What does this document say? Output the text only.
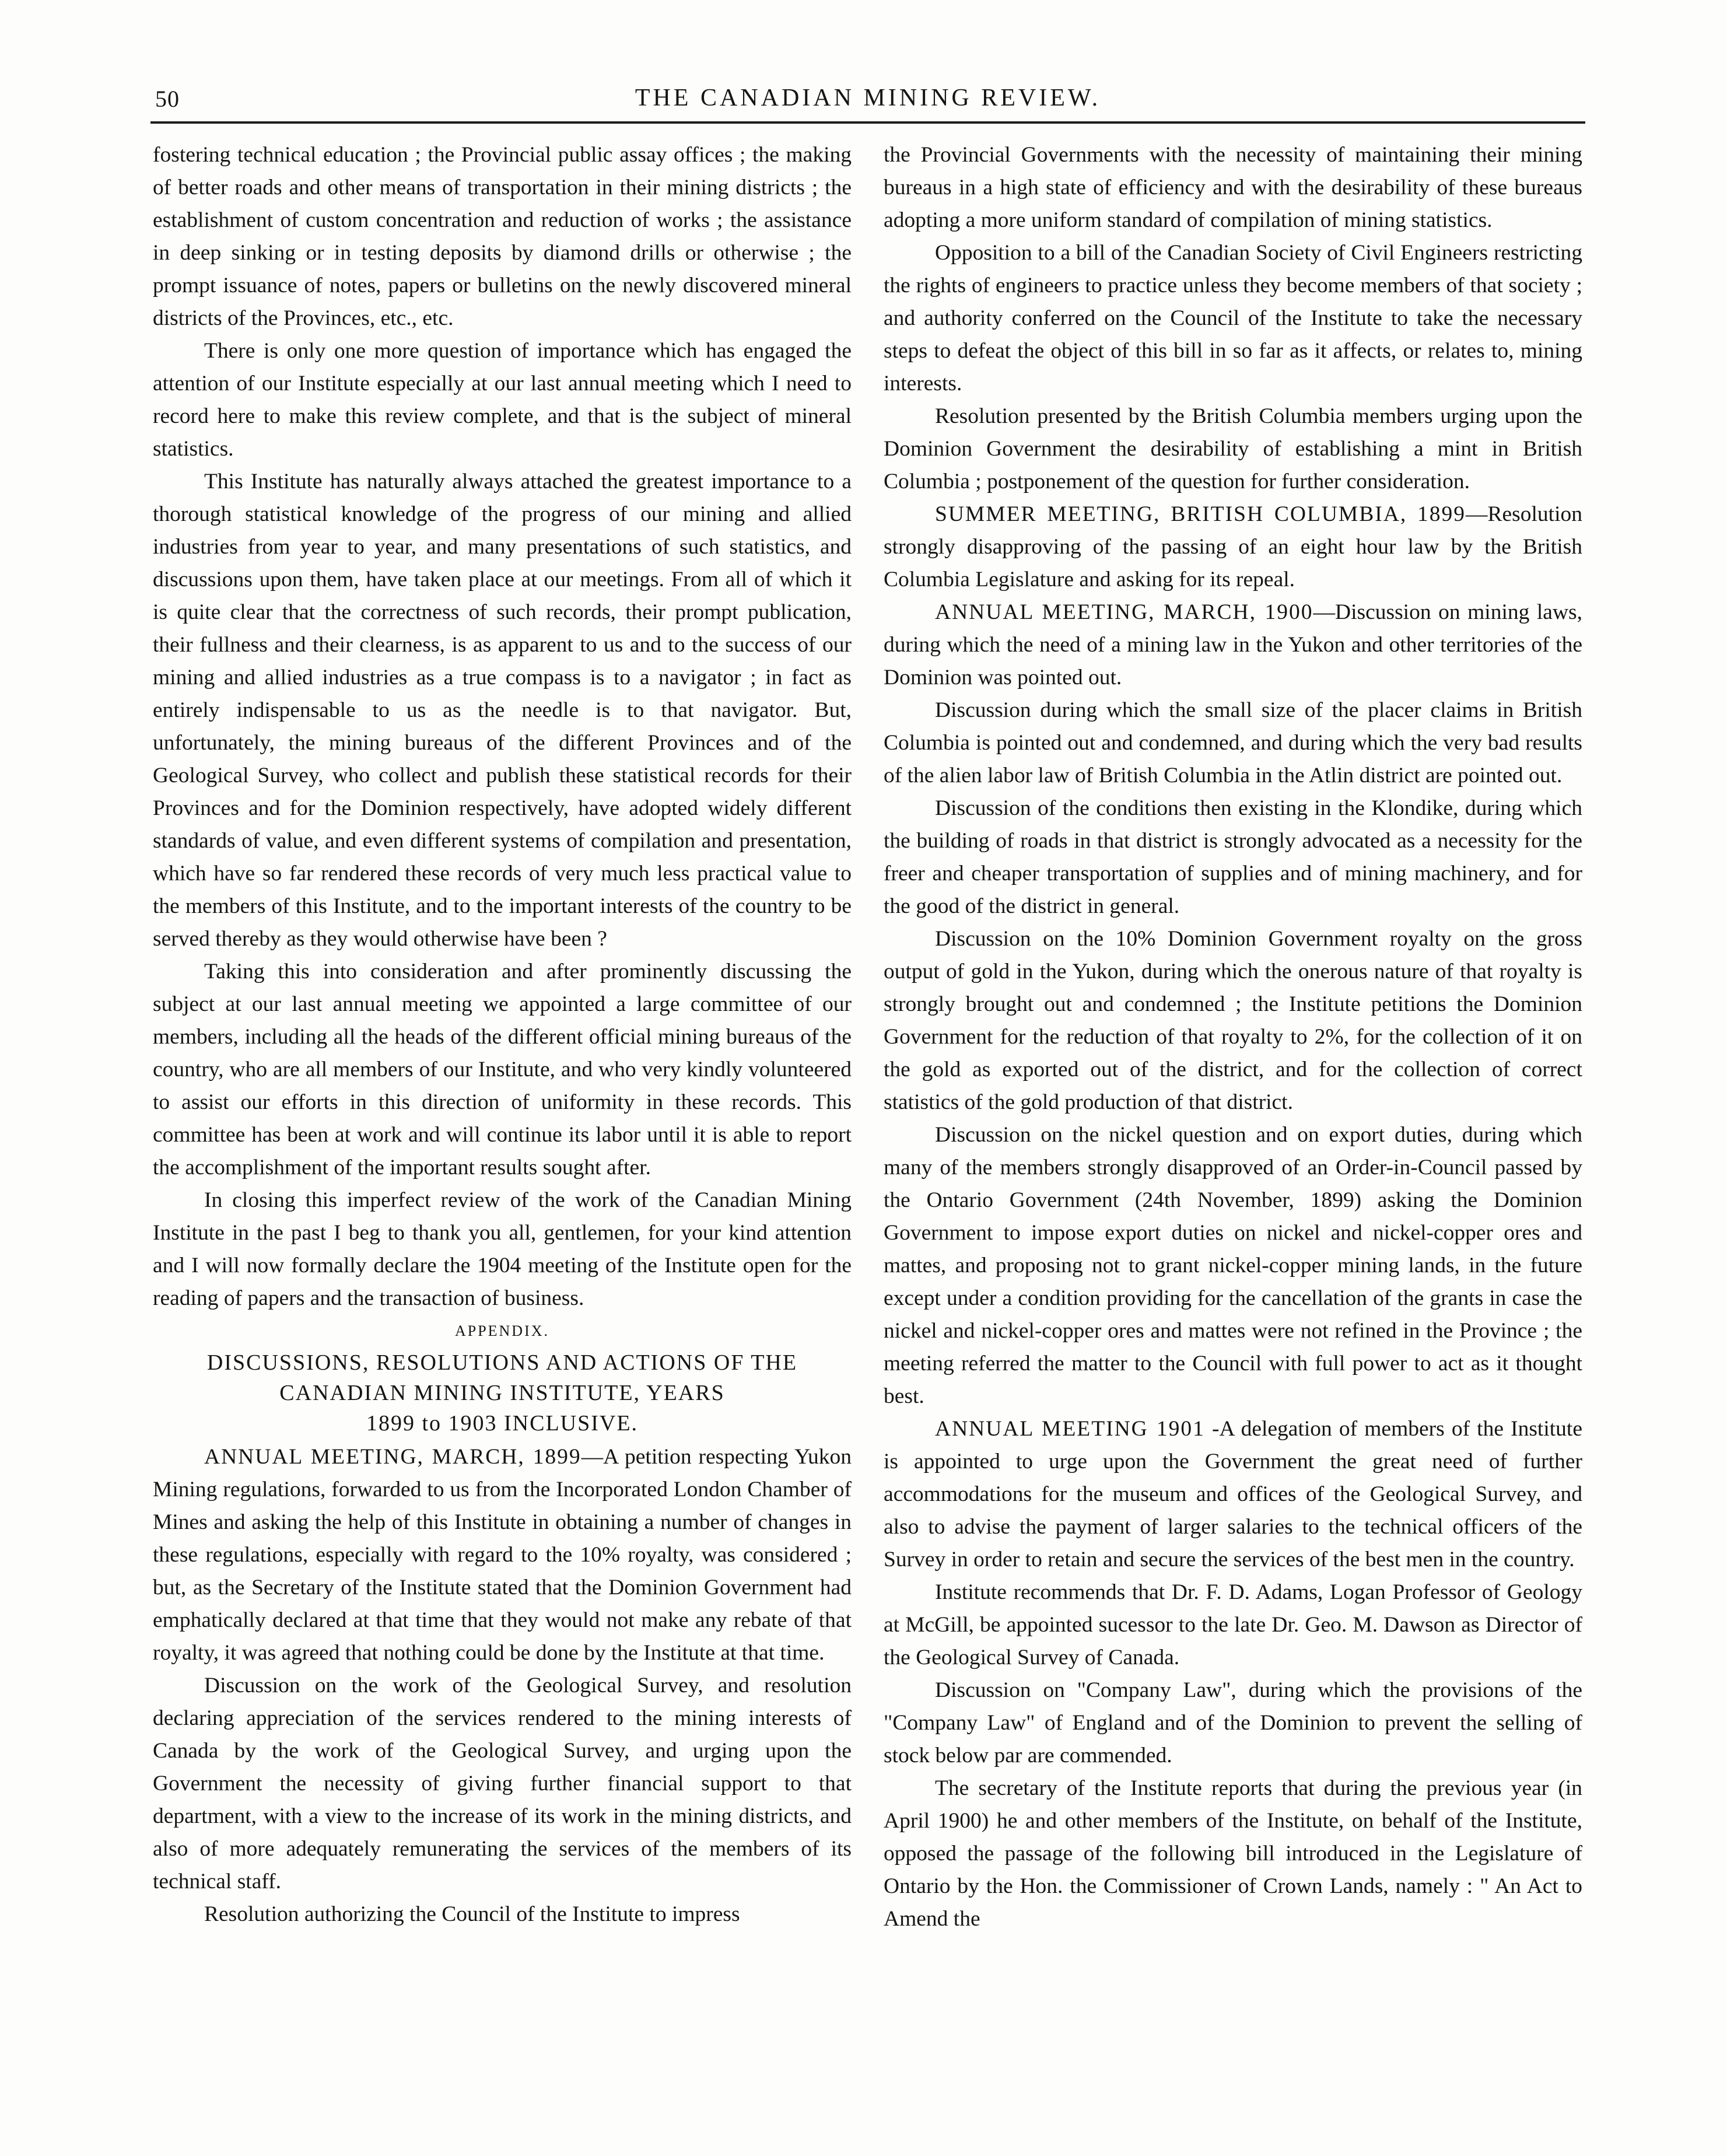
50	THE CANADIAN MINING REVIEW.

fostering technical education ; the Provincial public assay offices ; the making of better roads and other means of transportation in their mining districts ; the establishment of custom concentration and reduction of works ; the assistance in deep sinking or in testing deposits by diamond drills or otherwise ; the prompt issuance of notes, papers or bulletins on the newly discovered mineral districts of the Provinces, etc., etc.

There is only one more question of importance which has engaged the attention of our Institute especially at our last annual meeting which I need to record here to make this review complete, and that is the subject of mineral statistics.

This Institute has naturally always attached the greatest importance to a thorough statistical knowledge of the progress of our mining and allied industries from year to year, and many presentations of such statistics, and discussions upon them, have taken place at our meetings. From all of which it is quite clear that the correctness of such records, their prompt publication, their fullness and their clearness, is as apparent to us and to the success of our mining and allied industries as a true compass is to a navigator ; in fact as entirely indispensable to us as the needle is to that navigator. But, unfortunately, the mining bureaus of the different Provinces and of the Geological Survey, who collect and publish these statistical records for their Provinces and for the Dominion respectively, have adopted widely different standards of value, and even different systems of compilation and presentation, which have so far rendered these records of very much less practical value to the members of this Institute, and to the important interests of the country to be served thereby as they would otherwise have been ?

Taking this into consideration and after prominently discussing the subject at our last annual meeting we appointed a large committee of our members, including all the heads of the different official mining bureaus of the country, who are all members of our Institute, and who very kindly volunteered to assist our efforts in this direction of uniformity in these records. This committee has been at work and will continue its labor until it is able to report the accomplishment of the important results sought after.

In closing this imperfect review of the work of the Canadian Mining Institute in the past I beg to thank you all, gentlemen, for your kind attention and I will now formally declare the 1904 meeting of the Institute open for the reading of papers and the transaction of business.

APPENDIX.
DISCUSSIONS, RESOLUTIONS AND ACTIONS OF THE
CANADIAN MINING INSTITUTE, YEARS
1899 to 1903 INCLUSIVE.

ANNUAL MEETING, MARCH, 1899—A petition respecting Yukon Mining regulations, forwarded to us from the Incorporated London Chamber of Mines and asking the help of this Institute in obtaining a number of changes in these regulations, especially with regard to the 10% royalty, was considered ; but, as the Secretary of the Institute stated that the Dominion Government had emphatically declared at that time that they would not make any rebate of that royalty, it was agreed that nothing could be done by the Institute at that time.

Discussion on the work of the Geological Survey, and resolution declaring appreciation of the services rendered to the mining interests of Canada by the work of the Geological Survey, and urging upon the Government the necessity of giving further financial support to that department, with a view to the increase of its work in the mining districts, and also of more adequately remunerating the services of the members of its technical staff.

Resolution authorizing the Council of the Institute to impress

the Provincial Governments with the necessity of maintaining their mining bureaus in a high state of efficiency and with the desirability of these bureaus adopting a more uniform standard of compilation of mining statistics.

Opposition to a bill of the Canadian Society of Civil Engineers restricting the rights of engineers to practice unless they become members of that society ; and authority conferred on the Council of the Institute to take the necessary steps to defeat the object of this bill in so far as it affects, or relates to, mining interests.

Resolution presented by the British Columbia members urging upon the Dominion Government the desirability of establishing a mint in British Columbia ; postponement of the question for further consideration.

SUMMER MEETING, BRITISH COLUMBIA, 1899—Resolution strongly disapproving of the passing of an eight hour law by the British Columbia Legislature and asking for its repeal.

ANNUAL MEETING, MARCH, 1900—Discussion on mining laws, during which the need of a mining law in the Yukon and other territories of the Dominion was pointed out.

Discussion during which the small size of the placer claims in British Columbia is pointed out and condemned, and during which the very bad results of the alien labor law of British Columbia in the Atlin district are pointed out.

Discussion of the conditions then existing in the Klondike, during which the building of roads in that district is strongly advocated as a necessity for the freer and cheaper transportation of supplies and of mining machinery, and for the good of the district in general.

Discussion on the 10% Dominion Government royalty on the gross output of gold in the Yukon, during which the onerous nature of that royalty is strongly brought out and condemned ; the Institute petitions the Dominion Government for the reduction of that royalty to 2%, for the collection of it on the gold as exported out of the district, and for the collection of correct statistics of the gold production of that district.

Discussion on the nickel question and on export duties, during which many of the members strongly disapproved of an Order-in-Council passed by the Ontario Government (24th November, 1899) asking the Dominion Government to impose export duties on nickel and nickel-copper ores and mattes, and proposing not to grant nickel-copper mining lands, in the future except under a condition providing for the cancellation of the grants in case the nickel and nickel-copper ores and mattes were not refined in the Province ; the meeting referred the matter to the Council with full power to act as it thought best.

ANNUAL MEETING 1901 -A delegation of members of the Institute is appointed to urge upon the Government the great need of further accommodations for the museum and offices of the Geological Survey, and also to advise the payment of larger salaries to the technical officers of the Survey in order to retain and secure the services of the best men in the country.

Institute recommends that Dr. F. D. Adams, Logan Professor of Geology at McGill, be appointed sucessor to the late Dr. Geo. M. Dawson as Director of the Geological Survey of Canada.

Discussion on "Company Law", during which the provisions of the "Company Law" of England and of the Dominion to prevent the selling of stock below par are commended.

The secretary of the Institute reports that during the previous year (in April 1900) he and other members of the Institute, on behalf of the Institute, opposed the passage of the following bill introduced in the Legislature of Ontario by the Hon. the Commissioner of Crown Lands, namely : " An Act to Amend the
